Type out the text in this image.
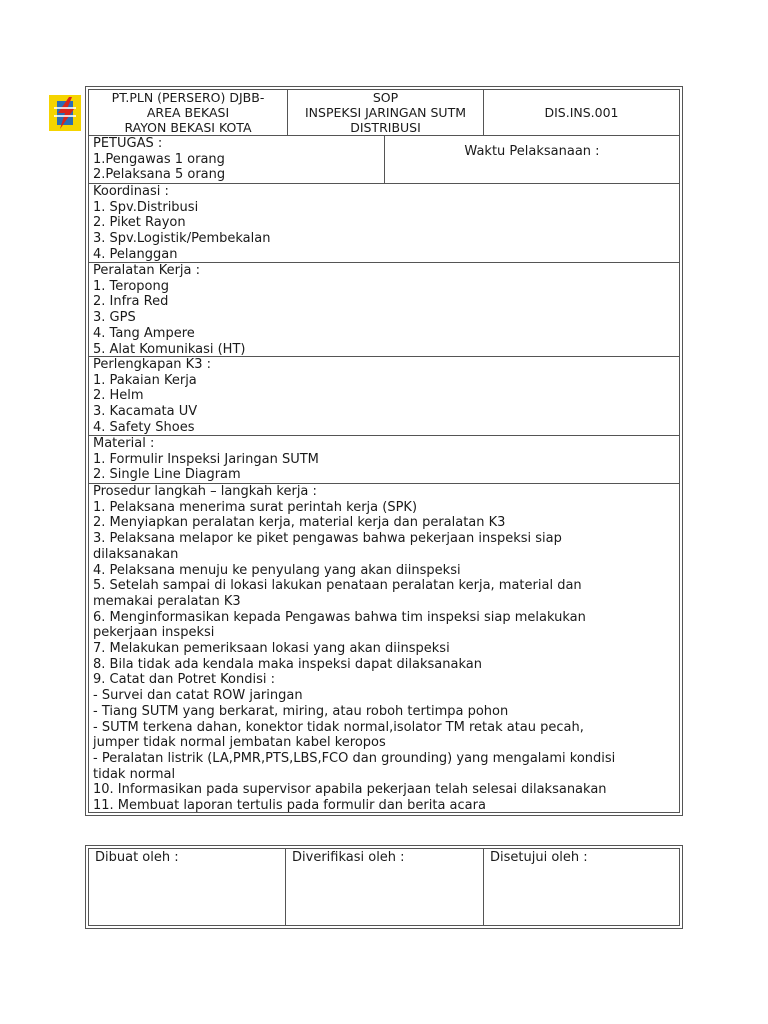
PT.PLN (PERSERO) DJBB-
AREA BEKASI
RAYON BEKASI KOTA
SOP
INSPEKSI JARINGAN SUTM
DISTRIBUSI
DIS.INS.001
PETUGAS :
1.Pengawas 1 orang
2.Pelaksana 5 orang
Waktu Pelaksanaan :
Koordinasi :
1. Spv.Distribusi
2. Piket Rayon
3. Spv.Logistik/Pembekalan
4. Pelanggan
Peralatan Kerja :
1. Teropong
2. Infra Red
3. GPS
4. Tang Ampere
5. Alat Komunikasi (HT)
Perlengkapan K3 :
1. Pakaian Kerja
2. Helm
3. Kacamata UV
4. Safety Shoes
Material :
1. Formulir Inspeksi Jaringan SUTM
2. Single Line Diagram
Prosedur langkah – langkah kerja :
1. Pelaksana menerima surat perintah kerja (SPK)
2. Menyiapkan peralatan kerja, material kerja dan peralatan K3
3. Pelaksana melapor ke piket pengawas bahwa pekerjaan inspeksi siap
dilaksanakan
4. Pelaksana menuju ke penyulang yang akan diinspeksi
5. Setelah sampai di lokasi lakukan penataan peralatan kerja, material dan
memakai peralatan K3
6. Menginformasikan kepada Pengawas bahwa tim inspeksi siap melakukan
pekerjaan inspeksi
7. Melakukan pemeriksaan lokasi yang akan diinspeksi
8. Bila tidak ada kendala maka inspeksi dapat dilaksanakan
9. Catat dan Potret Kondisi :
- Survei dan catat ROW jaringan
- Tiang SUTM yang berkarat, miring, atau roboh tertimpa pohon
- SUTM terkena dahan, konektor tidak normal,isolator TM retak atau pecah,
jumper tidak normal jembatan kabel keropos
- Peralatan listrik (LA,PMR,PTS,LBS,FCO dan grounding) yang mengalami kondisi
tidak normal
10. Informasikan pada supervisor apabila pekerjaan telah selesai dilaksanakan
11. Membuat laporan tertulis pada formulir dan berita acara
Dibuat oleh :	Diverifikasi oleh :	Disetujui oleh :
